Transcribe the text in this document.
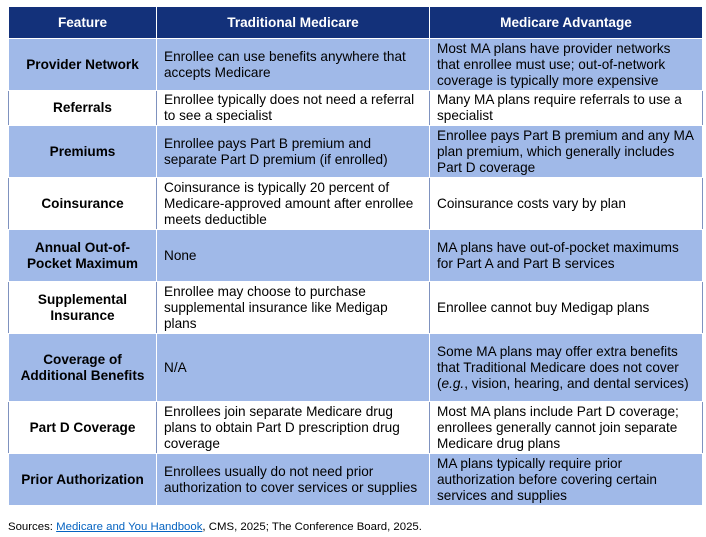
Feature	Traditional Medicare	Medicare Advantage
Provider Network	Enrollee can use benefits anywhere that accepts Medicare	Most MA plans have provider networks that enrollee must use; out-of-network coverage is typically more expensive
Referrals	Enrollee typically does not need a referral to see a specialist	Many MA plans require referrals to use a specialist
Premiums	Enrollee pays Part B premium and separate Part D premium (if enrolled)	Enrollee pays Part B premium and any MA plan premium, which generally includes Part D coverage
Coinsurance	Coinsurance is typically 20 percent of Medicare-approved amount after enrollee meets deductible	Coinsurance costs vary by plan
Annual Out-of-Pocket Maximum	None	MA plans have out-of-pocket maximums for Part A and Part B services
Supplemental Insurance	Enrollee may choose to purchase supplemental insurance like Medigap plans	Enrollee cannot buy Medigap plans
Coverage of Additional Benefits	N/A	Some MA plans may offer extra benefits that Traditional Medicare does not cover (e.g., vision, hearing, and dental services)
Part D Coverage	Enrollees join separate Medicare drug plans to obtain Part D prescription drug coverage	Most MA plans include Part D coverage; enrollees generally cannot join separate Medicare drug plans
Prior Authorization	Enrollees usually do not need prior authorization to cover services or supplies	MA plans typically require prior authorization before covering certain services and supplies
Sources: Medicare and You Handbook, CMS, 2025; The Conference Board, 2025.
